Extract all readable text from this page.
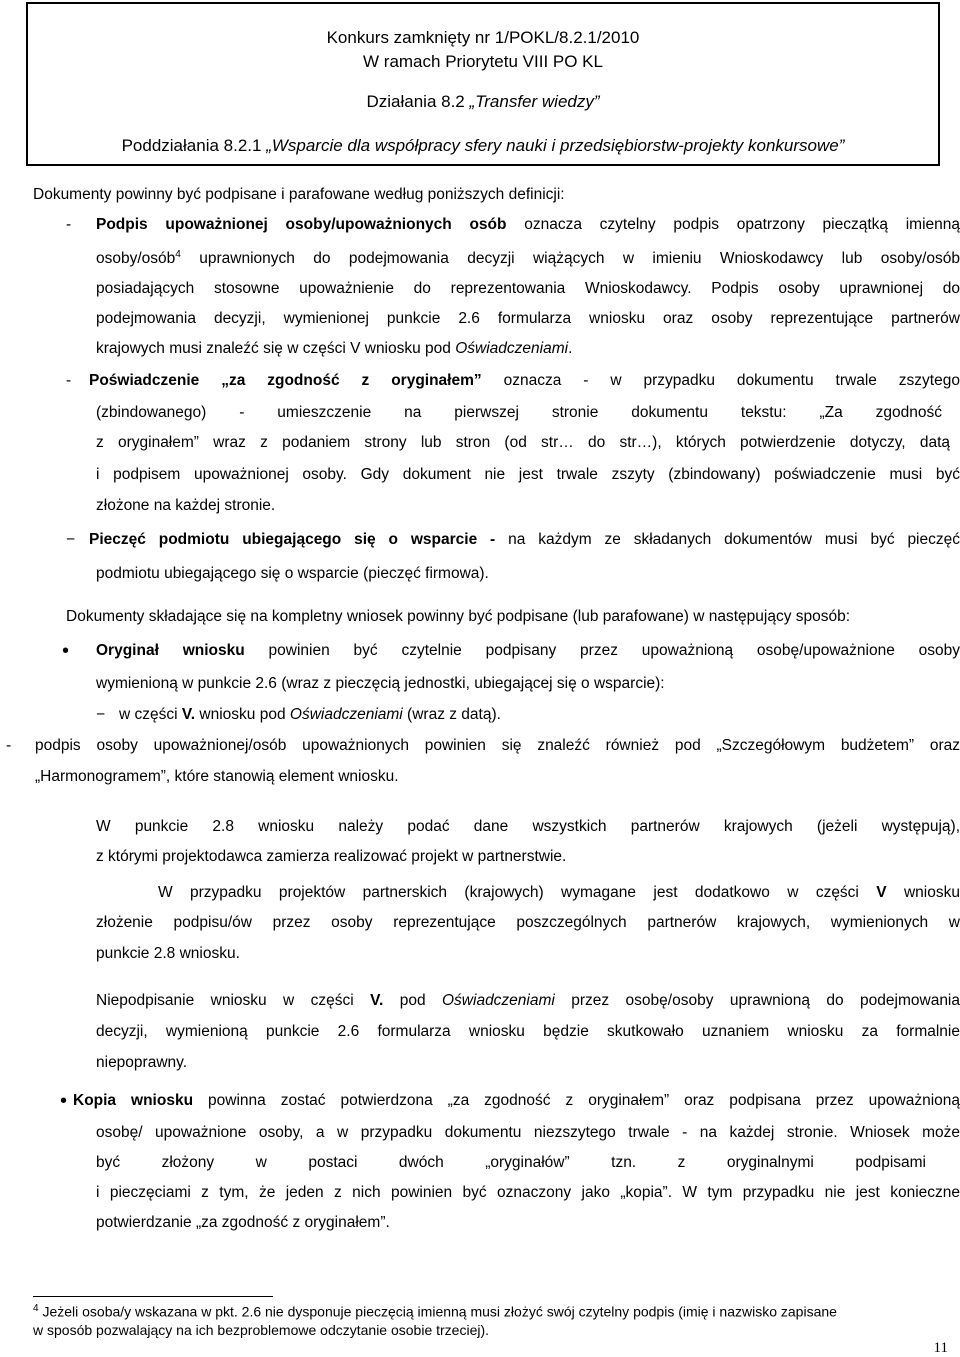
Konkurs zamknięty nr 1/POKL/8.2.1/2010
W ramach Priorytetu VIII PO KL
Działania 8.2 „Transfer wiedzy”
Poddziałania 8.2.1 „Wsparcie dla współpracy sfery nauki i przedsiębiorstw-projekty konkursowe”
Dokumenty powinny być podpisane i parafowane według poniższych definicji:
- Podpis upoważnionej osoby/upoważnionych osób oznacza czytelny podpis opatrzony pieczątką imienną
osoby/osób$^4$ uprawnionych do podejmowania decyzji wiążących w imieniu Wnioskodawcy lub osoby/osób
posiadających stosowne upoważnienie do reprezentowania Wnioskodawcy. Podpis osoby uprawnionej do
podejmowania decyzji, wymienionej punkcie 2.6 formularza wniosku oraz osoby reprezentujące partnerów
krajowych musi znaleźć się w części V wniosku pod Oświadczeniami.
- Poświadczenie „za zgodność z oryginałem” oznacza - w przypadku dokumentu trwale zszytego
(zbindowanego) - umieszczenie na pierwszej stronie dokumentu tekstu: „Za zgodność
z oryginałem” wraz z podaniem strony lub stron (od str… do str…), których potwierdzenie dotyczy, datą
i podpisem upoważnionej osoby. Gdy dokument nie jest trwale zszyty (zbindowany) poświadczenie musi być
złożone na każdej stronie.
− Pieczęć podmiotu ubiegającego się o wsparcie - na każdym ze składanych dokumentów musi być pieczęć
podmiotu ubiegającego się o wsparcie (pieczęć firmowa).
Dokumenty składające się na kompletny wniosek powinny być podpisane (lub parafowane) w następujący sposób:
• Oryginał wniosku powinien być czytelnie podpisany przez upoważnioną osobę/upoważnione osoby
wymienioną w punkcie 2.6 (wraz z pieczęcią jednostki, ubiegającej się o wsparcie):
− w części V. wniosku pod Oświadczeniami (wraz z datą).
- podpis osoby upoważnionej/osób upoważnionych powinien się znaleźć również pod „Szczegółowym budżetem” oraz
„Harmonogramem”, które stanowią element wniosku.
W punkcie 2.8 wniosku należy podać dane wszystkich partnerów krajowych (jeżeli występują),
z którymi projektodawca zamierza realizować projekt w partnerstwie.
W przypadku projektów partnerskich (krajowych) wymagane jest dodatkowo w części V wniosku
złożenie podpisu/ów przez osoby reprezentujące poszczególnych partnerów krajowych, wymienionych w
punkcie 2.8 wniosku.
Niepodpisanie wniosku w części V. pod Oświadczeniami przez osobę/osoby uprawnioną do podejmowania
decyzji, wymienioną punkcie 2.6 formularza wniosku będzie skutkowało uznaniem wniosku za formalnie
niepoprawny.
• Kopia wniosku powinna zostać potwierdzona „za zgodność z oryginałem” oraz podpisana przez upoważnioną
osobę/ upoważnione osoby, a w przypadku dokumentu niezszytego trwale - na każdej stronie. Wniosek może
być złożony w postaci dwóch „oryginałów” tzn. z oryginalnymi podpisami
i pieczęciami z tym, że jeden z nich powinien być oznaczony jako „kopia”. W tym przypadku nie jest konieczne
potwierdzanie „za zgodność z oryginałem”.
$^4$ Jeżeli osoba/y wskazana w pkt. 2.6 nie dysponuje pieczęcią imienną musi złożyć swój czytelny podpis (imię i nazwisko zapisane
w sposób pozwalający na ich bezproblemowe odczytanie osobie trzeciej).
11
